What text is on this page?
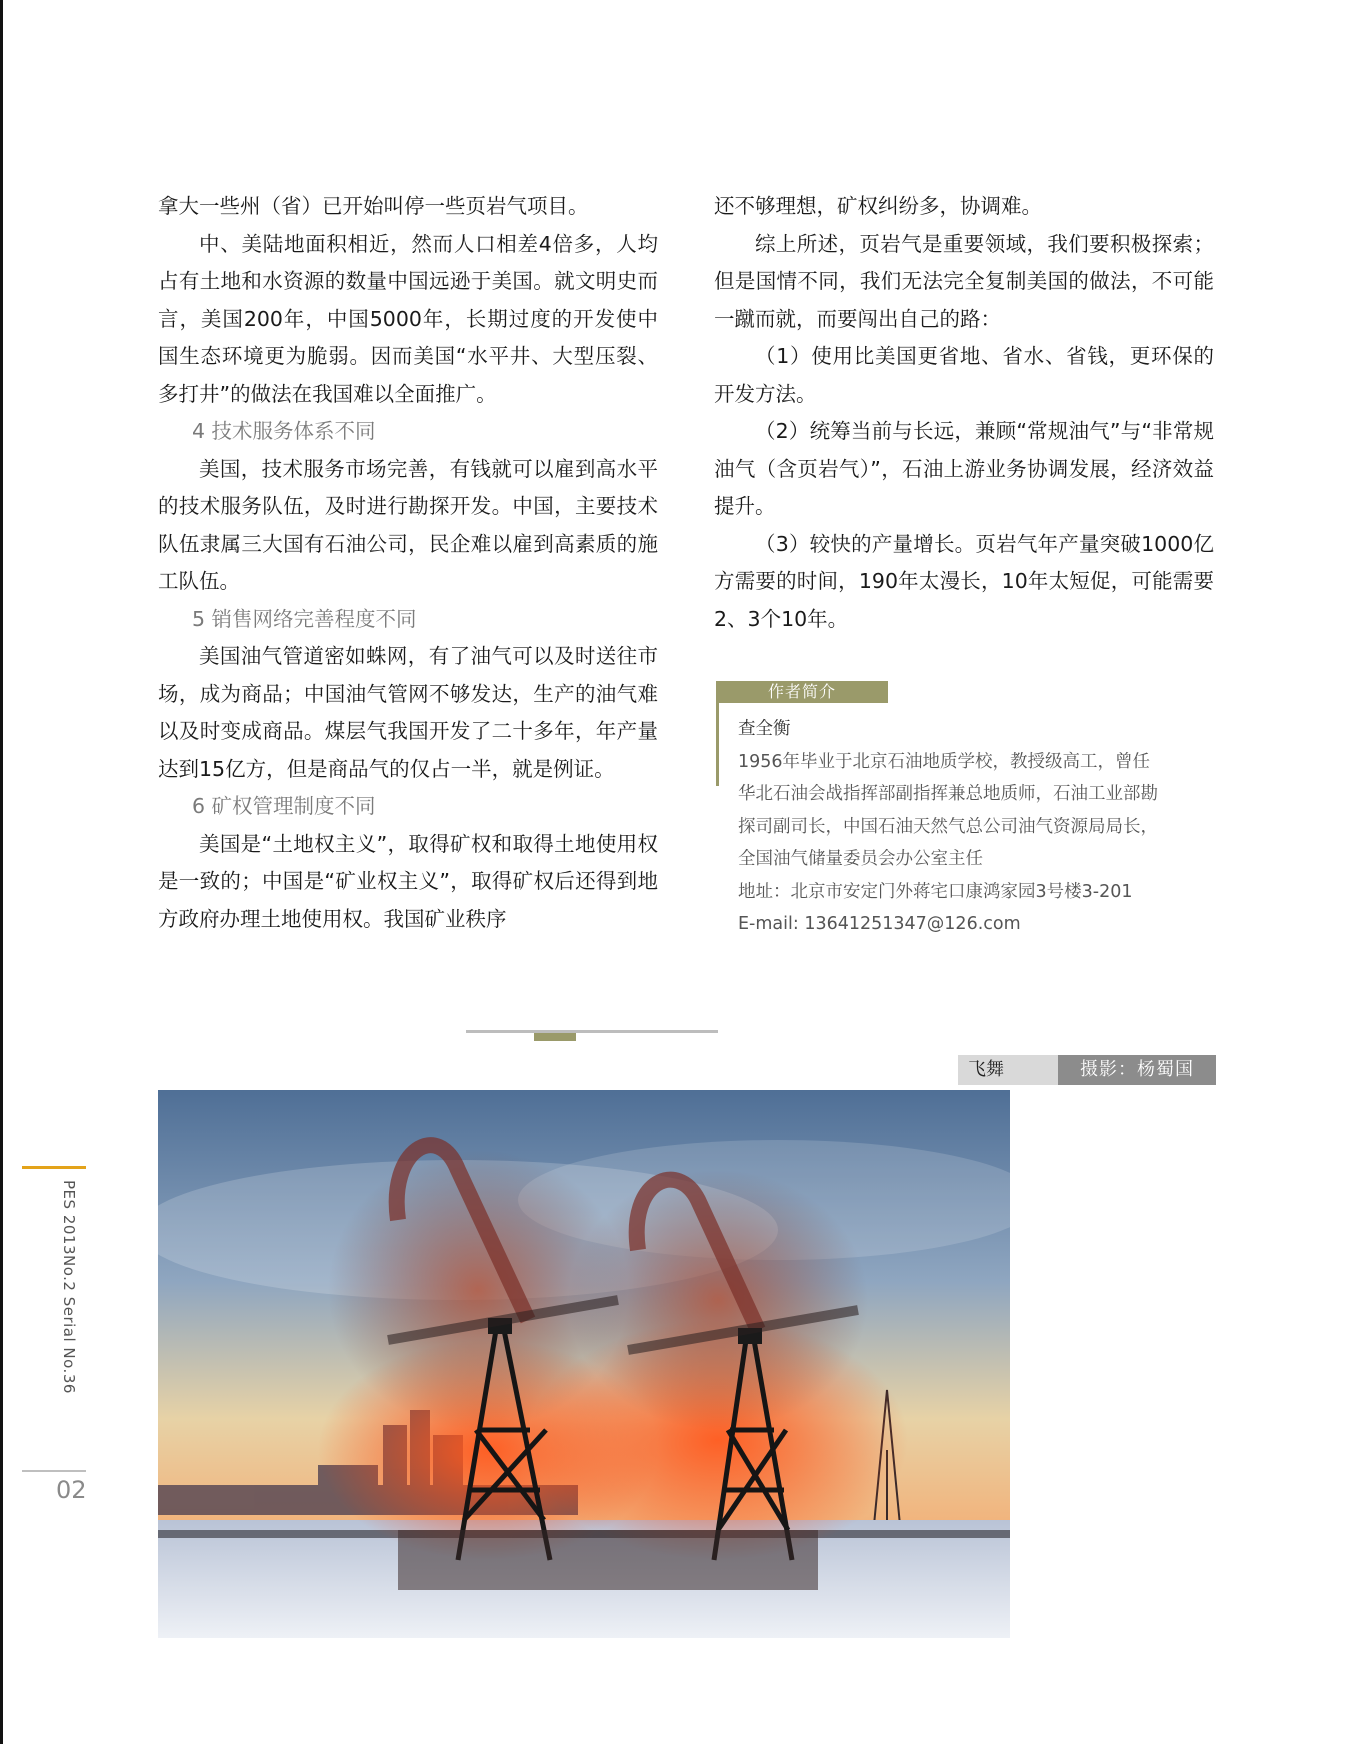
拿大一些州（省）已开始叫停一些页岩气项目。

中、美陆地面积相近，然而人口相差4倍多，人均占有土地和水资源的数量中国远逊于美国。就文明史而言，美国200年，中国5000年，长期过度的开发使中国生态环境更为脆弱。因而美国“水平井、大型压裂、多打井”的做法在我国难以全面推广。

4 技术服务体系不同

美国，技术服务市场完善，有钱就可以雇到高水平的技术服务队伍，及时进行勘探开发。中国，主要技术队伍隶属三大国有石油公司，民企难以雇到高素质的施工队伍。

5 销售网络完善程度不同

美国油气管道密如蛛网，有了油气可以及时送往市场，成为商品；中国油气管网不够发达，生产的油气难以及时变成商品。煤层气我国开发了二十多年，年产量达到15亿方，但是商品气的仅占一半，就是例证。

6 矿权管理制度不同

美国是“土地权主义”，取得矿权和取得土地使用权是一致的；中国是“矿业权主义”，取得矿权后还得到地方政府办理土地使用权。我国矿业秩序

还不够理想，矿权纠纷多，协调难。

综上所述，页岩气是重要领域，我们要积极探索；但是国情不同，我们无法完全复制美国的做法，不可能一蹴而就，而要闯出自己的路：

（1）使用比美国更省地、省水、省钱，更环保的开发方法。

（2）统筹当前与长远，兼顾“常规油气”与“非常规油气（含页岩气）”，石油上游业务协调发展，经济效益提升。

（3）较快的产量增长。页岩气年产量突破1000亿方需要的时间，190年太漫长，10年太短促，可能需要2、3个10年。

作者简介
查全衡
1956年毕业于北京石油地质学校，教授级高工，曾任
华北石油会战指挥部副指挥兼总地质师，石油工业部勘
探司副司长，中国石油天然气总公司油气资源局局长，
全国油气储量委员会办公室主任
地址：北京市安定门外蒋宅口康鸿家园3号楼3-201
E-mail: 13641251347@126.com
飞舞	摄影：杨蜀国
PES 2013No.2 Serial No.36
02
